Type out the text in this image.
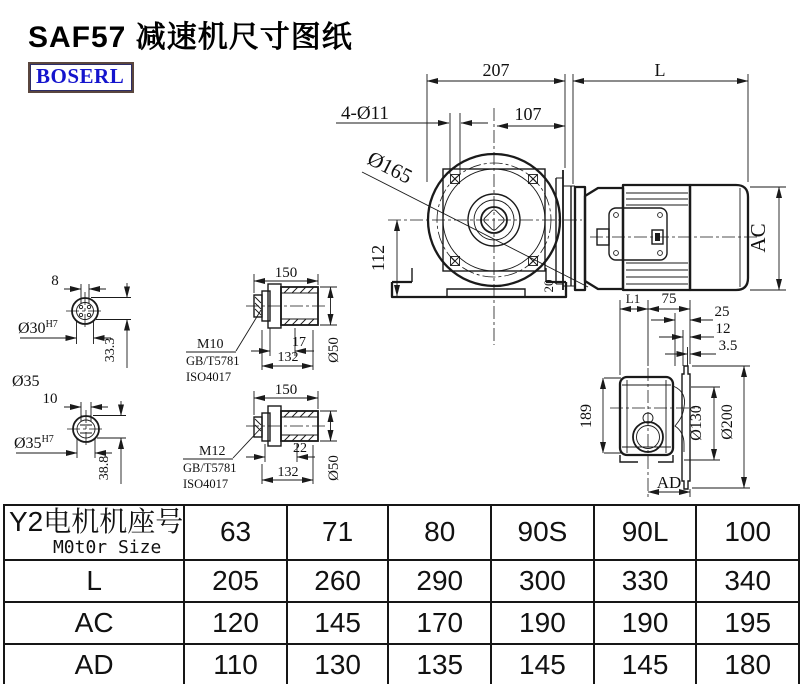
SAF57 减速机尺寸图纸
BOSERL
20
207	L
4-Ø11	107
Ø165
112
AC
189
L1 75
25
12
3.5
Ø130 Ø200
AD
8
$Ø30^{H7}$
33.3
Ø35
10
$Ø35^{H7}$
38.8
150
M10
GB/T5781
ISO4017
17
132 Ø50
150
M12
GB/T5781
ISO4017
22
132 Ø50
Y2电机机座号
M0t0r Size	63	71	80	90S	90L	100
L	205	260	290	300	330	340
AC	120	145	170	190	190	195
AD	110	130	135	145	145	180
